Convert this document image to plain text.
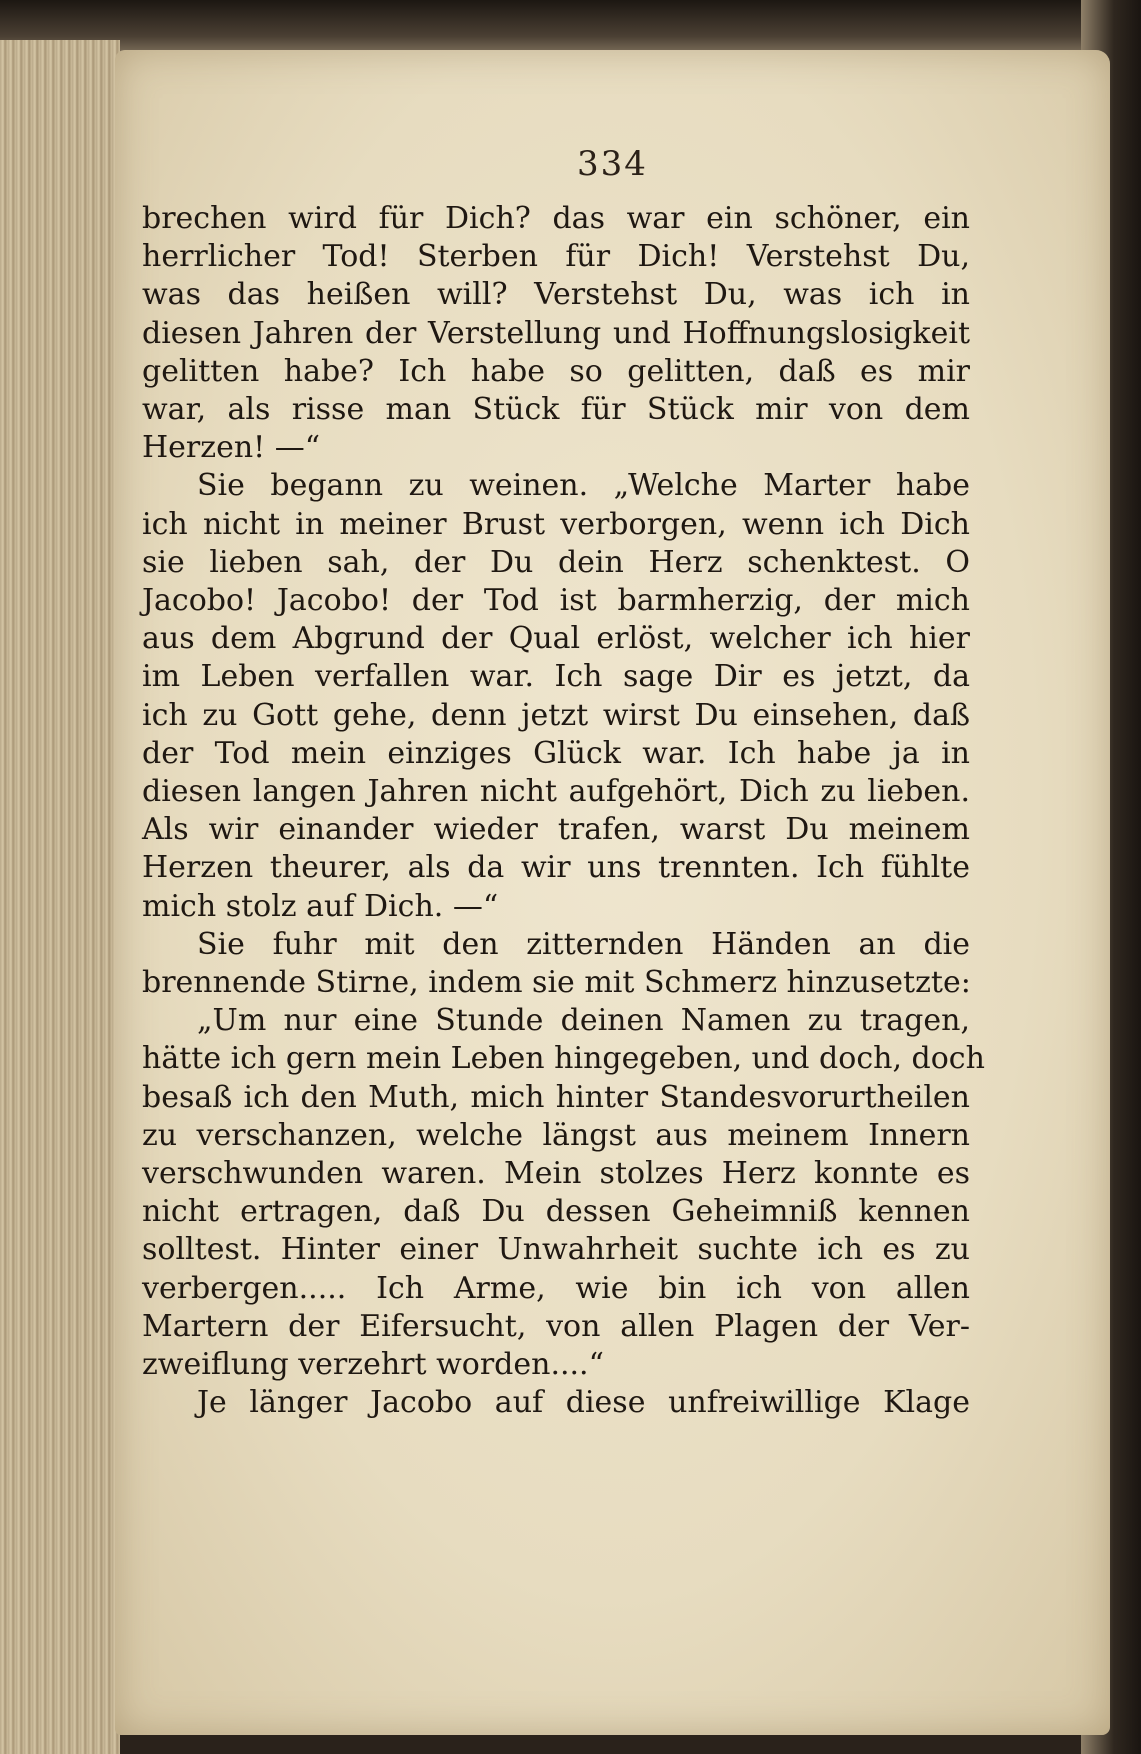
334

brechen wird für Dich? das war ein schöner, ein
herrlicher Tod! Sterben für Dich! Verstehst Du,
was das heißen will? Verstehst Du, was ich in
diesen Jahren der Verstellung und Hoffnungslosigkeit
gelitten habe? Ich habe so gelitten, daß es mir
war, als risse man Stück für Stück mir von dem
Herzen! —“
Sie begann zu weinen. „Welche Marter habe
ich nicht in meiner Brust verborgen, wenn ich Dich
sie lieben sah, der Du dein Herz schenktest. O
Jacobo! Jacobo! der Tod ist barmherzig, der mich
aus dem Abgrund der Qual erlöst, welcher ich hier
im Leben verfallen war. Ich sage Dir es jetzt, da
ich zu Gott gehe, denn jetzt wirst Du einsehen, daß
der Tod mein einziges Glück war. Ich habe ja in
diesen langen Jahren nicht aufgehört, Dich zu lieben.
Als wir einander wieder trafen, warst Du meinem
Herzen theurer, als da wir uns trennten. Ich fühlte
mich stolz auf Dich. —“
Sie fuhr mit den zitternden Händen an die
brennende Stirne, indem sie mit Schmerz hinzusetzte:
„Um nur eine Stunde deinen Namen zu tragen,
hätte ich gern mein Leben hingegeben, und doch, doch
besaß ich den Muth, mich hinter Standesvorurtheilen
zu verschanzen, welche längst aus meinem Innern
verschwunden waren. Mein stolzes Herz konnte es
nicht ertragen, daß Du dessen Geheimniß kennen
solltest. Hinter einer Unwahrheit suchte ich es zu
verbergen..... Ich Arme, wie bin ich von allen
Martern der Eifersucht, von allen Plagen der Ver-
zweiflung verzehrt worden....“
Je länger Jacobo auf diese unfreiwillige Klage
